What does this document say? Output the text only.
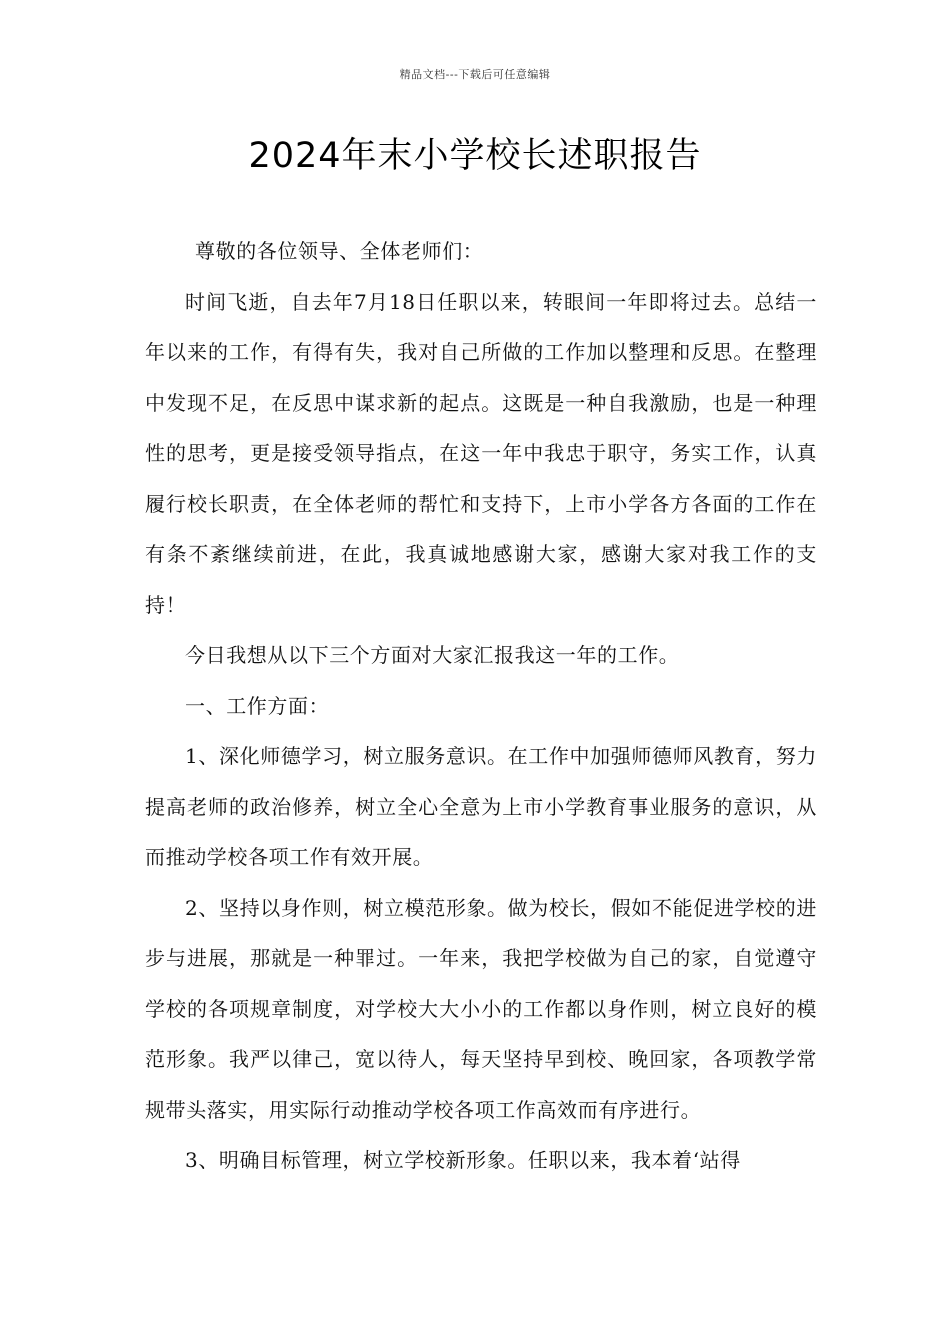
精品文档---下载后可任意编辑
2024年末小学校长述职报告

尊敬的各位领导、全体老师们：

时间飞逝，自去年7月18日任职以来，转眼间一年即将过去。总结一年以来的工作，有得有失，我对自己所做的工作加以整理和反思。在整理中发现不足，在反思中谋求新的起点。这既是一种自我激励，也是一种理性的思考，更是接受领导指点，在这一年中我忠于职守，务实工作，认真履行校长职责，在全体老师的帮忙和支持下，上市小学各方各面的工作在有条不紊继续前进，在此，我真诚地感谢大家，感谢大家对我工作的支持！

今日我想从以下三个方面对大家汇报我这一年的工作。

一、工作方面：

1、深化师德学习，树立服务意识。在工作中加强师德师风教育，努力提高老师的政治修养，树立全心全意为上市小学教育事业服务的意识，从而推动学校各项工作有效开展。

2、坚持以身作则，树立模范形象。做为校长，假如不能促进学校的进步与进展，那就是一种罪过。一年来，我把学校做为自己的家，自觉遵守学校的各项规章制度，对学校大大小小的工作都以身作则，树立良好的模范形象。我严以律己，宽以待人，每天坚持早到校、晚回家，各项教学常规带头落实，用实际行动推动学校各项工作高效而有序进行。

3、明确目标管理，树立学校新形象。任职以来，我本着‘站得
